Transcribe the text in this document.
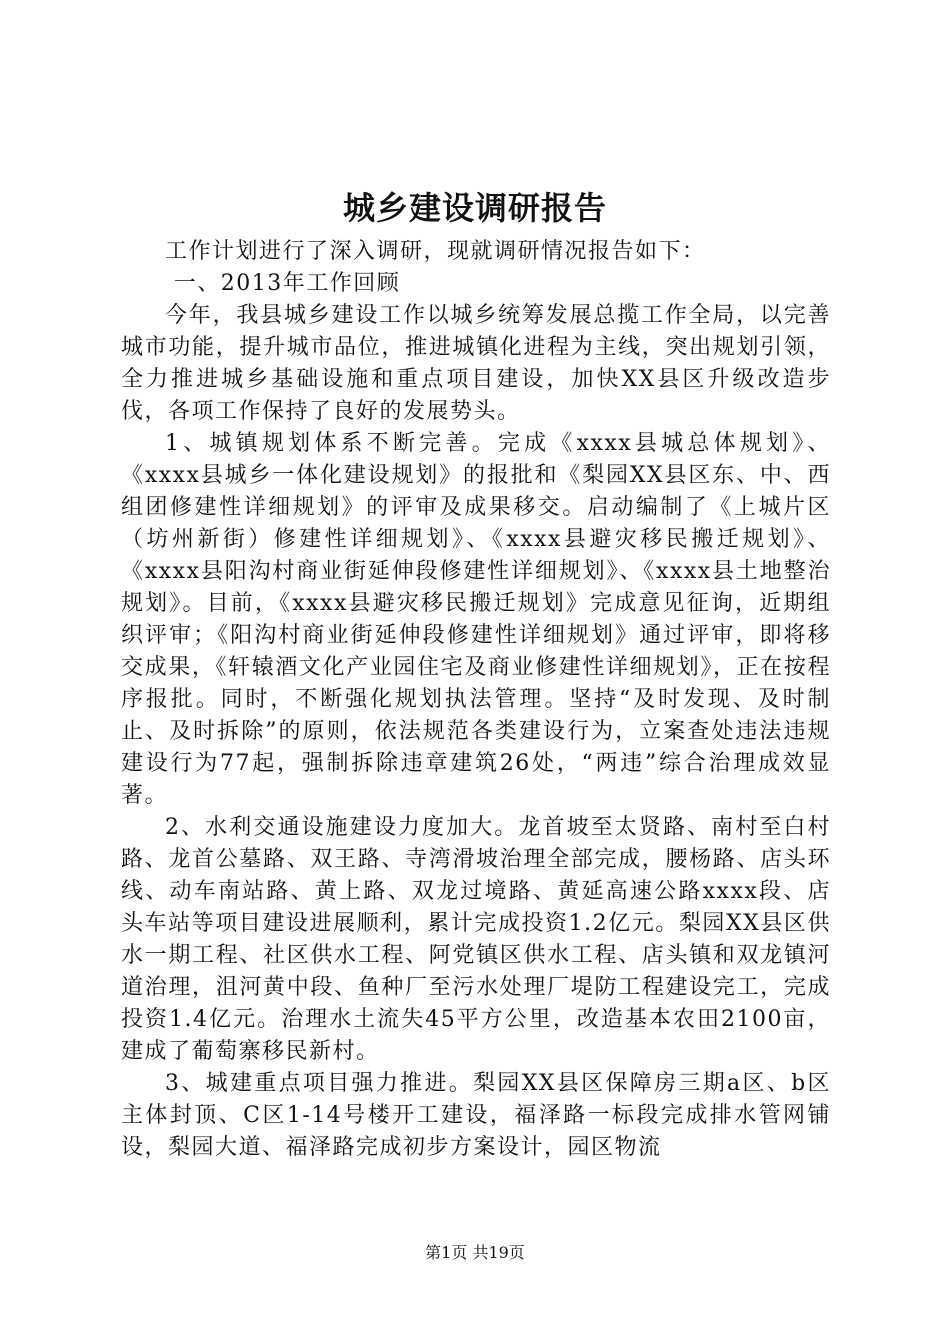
城乡建设调研报告

工作计划进行了深入调研，现就调研情况报告如下：

一、2013年工作回顾

今年，我县城乡建设工作以城乡统筹发展总揽工作全局，以完善城市功能，提升城市品位，推进城镇化进程为主线，突出规划引领，全力推进城乡基础设施和重点项目建设，加快XX县区升级改造步伐，各项工作保持了良好的发展势头。

1、城镇规划体系不断完善。完成《xxxx县城总体规划》、《xxxx县城乡一体化建设规划》的报批和《梨园XX县区东、中、西组团修建性详细规划》的评审及成果移交。启动编制了《上城片区（坊州新街）修建性详细规划》、《xxxx县避灾移民搬迁规划》、《xxxx县阳沟村商业街延伸段修建性详细规划》、《xxxx县土地整治规划》。目前，《xxxx县避灾移民搬迁规划》完成意见征询，近期组织评审；《阳沟村商业街延伸段修建性详细规划》通过评审，即将移交成果，《轩辕酒文化产业园住宅及商业修建性详细规划》，正在按程序报批。同时，不断强化规划执法管理。坚持“及时发现、及时制止、及时拆除”的原则，依法规范各类建设行为，立案查处违法违规建设行为77起，强制拆除违章建筑26处，“两违”综合治理成效显著。

2、水利交通设施建设力度加大。龙首坡至太贤路、南村至白村路、龙首公墓路、双王路、寺湾滑坡治理全部完成，腰杨路、店头环线、动车南站路、黄上路、双龙过境路、黄延高速公路xxxx段、店头车站等项目建设进展顺利，累计完成投资1.2亿元。梨园XX县区供水一期工程、社区供水工程、阿党镇区供水工程、店头镇和双龙镇河道治理，沮河黄中段、鱼种厂至污水处理厂堤防工程建设完工，完成投资1.4亿元。治理水土流失45平方公里，改造基本农田2100亩，建成了葡萄寨移民新村。

3、城建重点项目强力推进。梨园XX县区保障房三期a区、b区主体封顶、C区1-14号楼开工建设，福泽路一标段完成排水管网铺设，梨园大道、福泽路完成初步方案设计，园区物流

第1页 共19页
